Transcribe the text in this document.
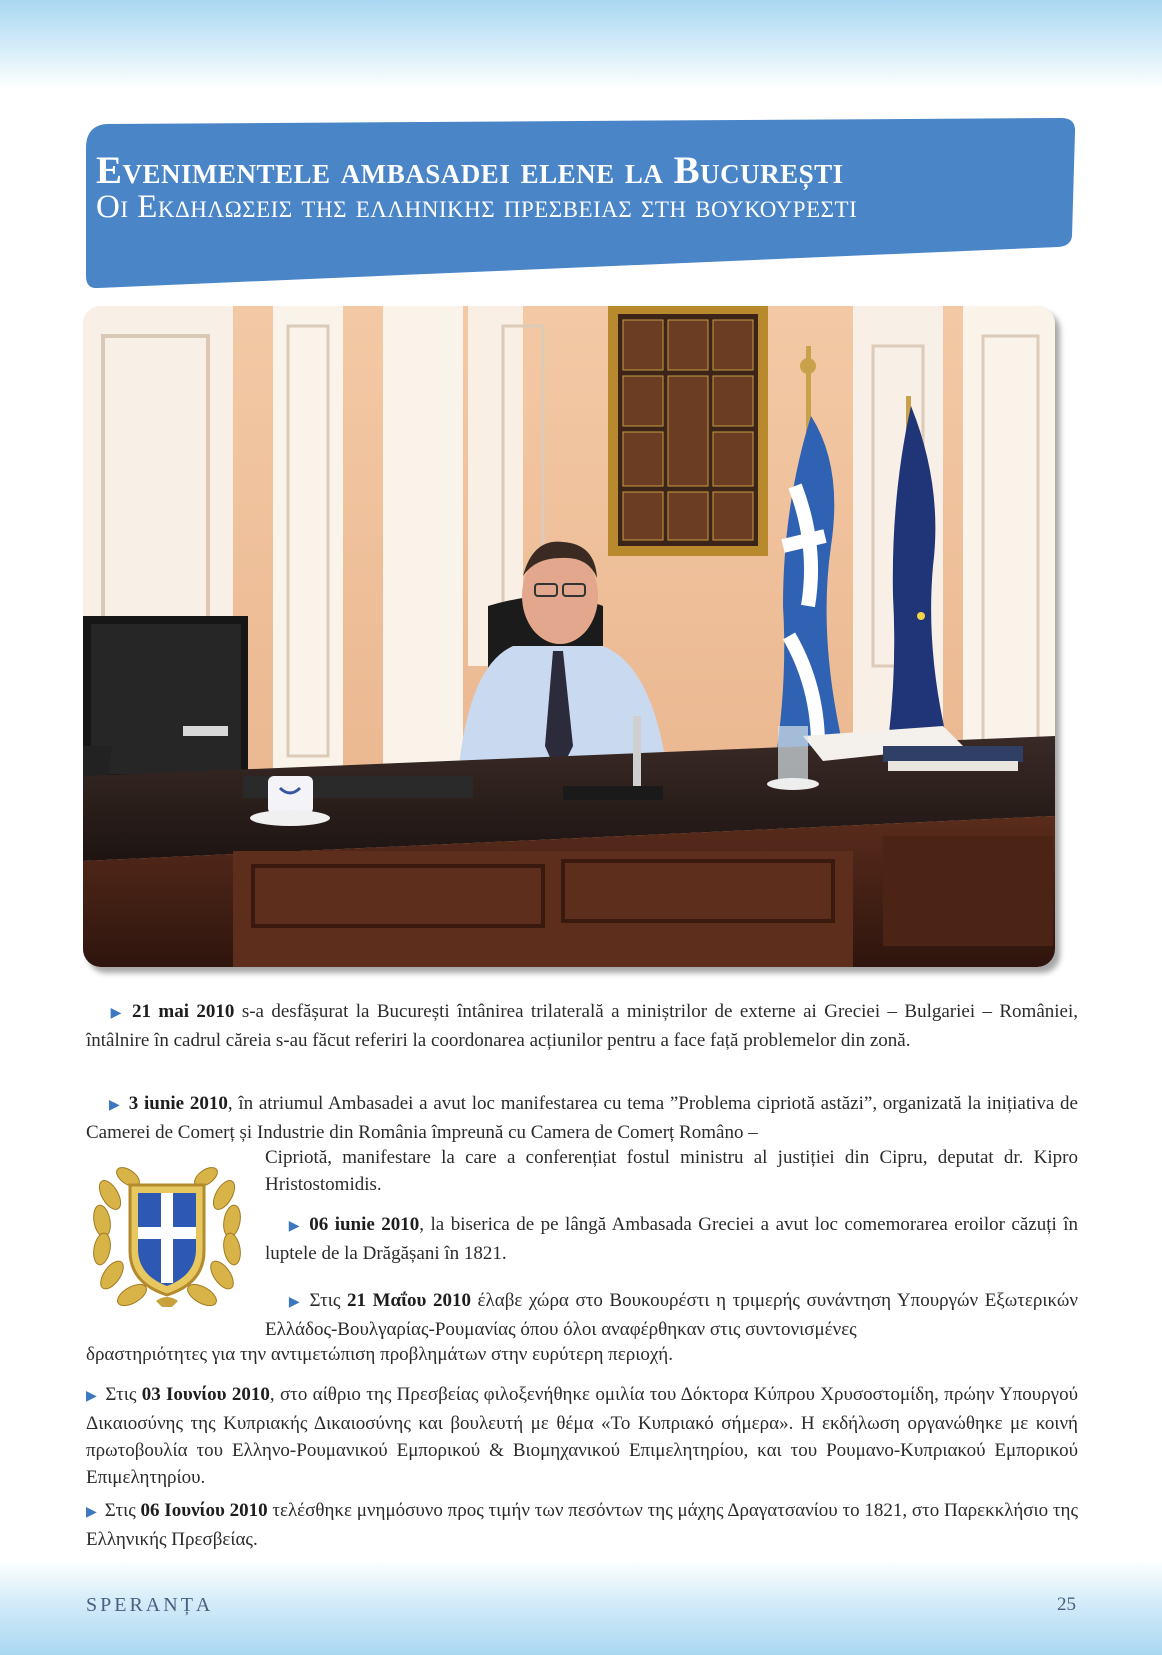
Evenimentele ambasadei elene la București
Οι Εκδηλωσεις της ελληνικης πρεσβειας στη βουκουρεστι
▶ 21 mai 2010 s-a desfășurat la București întânirea trilaterală a miniștrilor de externe ai Greciei – Bulgariei – României, întâlnire în cadrul căreia s-au făcut referiri la coordonarea acțiunilor pentru a face față problemelor din zonă.
▶ 3 iunie 2010, în atriumul Ambasadei a avut loc manifestarea cu tema ”Problema cipriotă astăzi”, organizată la inițiativa de Camerei de Comerț și Industrie din România împreună cu Camera de Comerț Româno –
Cipriotă, manifestare la care a conferențiat fostul ministru al justiției din Cipru, deputat dr. Kipro Hristostomidis.
▶ 06 iunie 2010, la biserica de pe lângă Ambasada Greciei a avut loc comemorarea eroilor căzuți în luptele de la Drăgășani în 1821.
▶ Στις 21 Μαΐου 2010 έλαβε χώρα στο Βουκουρέστι η τριμερής συνάντηση Υπουργών Εξωτερικών Ελλάδος-Βουλγαρίας-Ρουμανίας όπου όλοι αναφέρθηκαν στις συντονισμένες
δραστηριότητες για την αντιμετώπιση προβλημάτων στην ευρύτερη περιοχή.
▶ Στις 03 Ιουνίου 2010, στο αίθριο της Πρεσβείας φιλοξενήθηκε ομιλία του Δόκτορα Κύπρου Χρυσοστομίδη, πρώην Υπουργού Δικαιοσύνης της Κυπριακής Δικαιοσύνης και βουλευτή με θέμα «Το Κυπριακό σήμερα». Η εκδήλωση οργανώθηκε με κοινή πρωτοβουλία του Ελληνο-Ρουμανικού Εμπορικού & Βιομηχανικού Επιμελητηρίου, και του Ρουμανο-Κυπριακού Εμπορικού Επιμελητηρίου.
▶ Στις 06 Ιουνίου 2010 τελέσθηκε μνημόσυνο προς τιμήν των πεσόντων της μάχης Δραγατσανίου το 1821, στο Παρεκκλήσιο της Ελληνικής Πρεσβείας.
SPERANȚA	25
